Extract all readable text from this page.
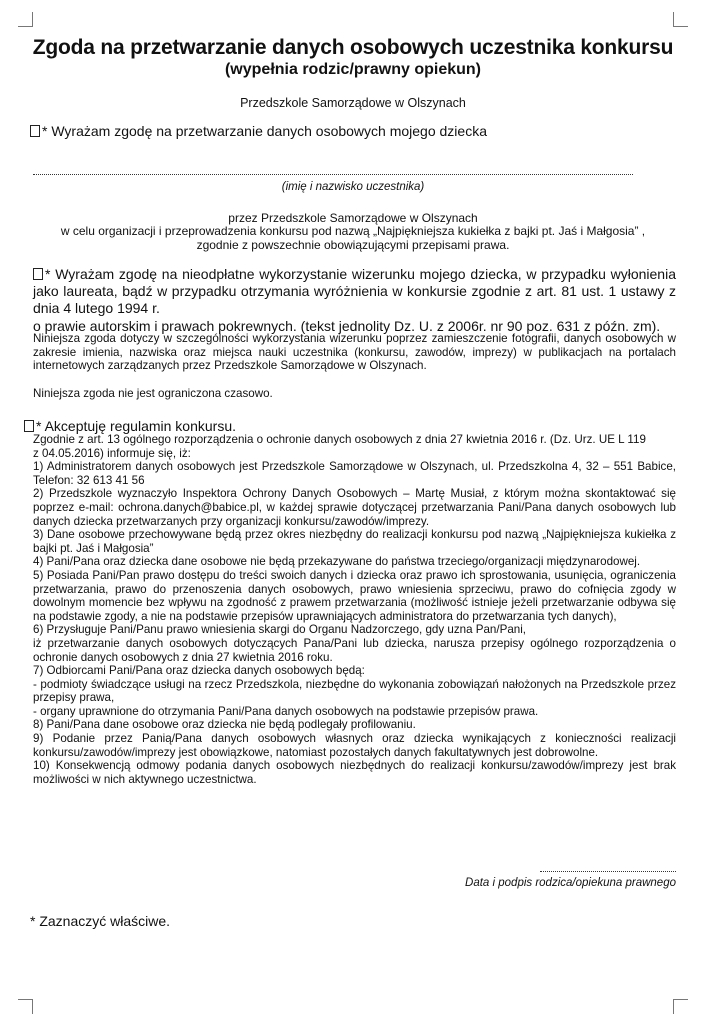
Zgoda na przetwarzanie danych osobowych uczestnika konkursu
(wypełnia rodzic/prawny opiekun)
Przedszkole Samorządowe w Olszynach
* Wyrażam zgodę na przetwarzanie danych osobowych mojego dziecka
(imię i nazwisko uczestnika)
przez Przedszkole Samorządowe w Olszynach
w celu organizacji i przeprowadzenia konkursu pod nazwą „Najpiękniejsza kukiełka z bajki pt. Jaś i Małgosia” ,
zgodnie z powszechnie obowiązującymi przepisami prawa.
* Wyrażam zgodę na nieodpłatne wykorzystanie wizerunku mojego dziecka, w przypadku wyłonienia jako laureata, bądź w przypadku otrzymania wyróżnienia w konkursie zgodnie z art. 81 ust. 1 ustawy z dnia 4 lutego 1994 r.
o prawie autorskim i prawach pokrewnych. (tekst jednolity Dz. U. z 2006r. nr 90 poz. 631 z późn. zm).
Niniejsza zgoda dotyczy w szczególności wykorzystania wizerunku poprzez zamieszczenie fotografii, danych osobowych w zakresie imienia, nazwiska oraz miejsca nauki uczestnika (konkursu, zawodów, imprezy) w publikacjach na portalach internetowych zarządzanych przez Przedszkole Samorządowe w Olszynach.
Niniejsza zgoda nie jest ograniczona czasowo.
* Akceptuję regulamin konkursu.
Zgodnie z art. 13 ogólnego rozporządzenia o ochronie danych osobowych z dnia 27 kwietnia 2016 r. (Dz. Urz. UE L 119
z 04.05.2016) informuje się, iż:
1) Administratorem danych osobowych jest Przedszkole Samorządowe w Olszynach, ul. Przedszkolna 4, 32 – 551 Babice, Telefon: 32 613 41 56
2) Przedszkole wyznaczyło Inspektora Ochrony Danych Osobowych – Martę Musiał, z którym można skontaktować się poprzez e-mail: ochrona.danych@babice.pl, w każdej sprawie dotyczącej przetwarzania Pani/Pana danych osobowych lub danych dziecka przetwarzanych przy organizacji konkursu/zawodów/imprezy.
3) Dane osobowe przechowywane będą przez okres niezbędny do realizacji konkursu pod nazwą „Najpiękniejsza kukiełka z bajki pt. Jaś i Małgosia”
4) Pani/Pana oraz dziecka dane osobowe nie będą przekazywane do państwa trzeciego/organizacji międzynarodowej.
5) Posiada Pani/Pan prawo dostępu do treści swoich danych i dziecka oraz prawo ich sprostowania, usunięcia, ograniczenia przetwarzania, prawo do przenoszenia danych osobowych, prawo wniesienia sprzeciwu, prawo do cofnięcia zgody w dowolnym momencie bez wpływu na zgodność z prawem przetwarzania (możliwość istnieje jeżeli przetwarzanie odbywa się na podstawie zgody, a nie na podstawie przepisów uprawniających administratora do przetwarzania tych danych),
6) Przysługuje Pani/Panu prawo wniesienia skargi do Organu Nadzorczego, gdy uzna Pan/Pani,
iż przetwarzanie danych osobowych dotyczących Pana/Pani lub dziecka, narusza przepisy ogólnego rozporządzenia o ochronie danych osobowych z dnia 27 kwietnia 2016 roku.
7) Odbiorcami Pani/Pana oraz dziecka danych osobowych będą:
- podmioty świadczące usługi na rzecz Przedszkola, niezbędne do wykonania zobowiązań nałożonych na Przedszkole przez przepisy prawa,
- organy uprawnione do otrzymania Pani/Pana danych osobowych na podstawie przepisów prawa.
8) Pani/Pana dane osobowe oraz dziecka nie będą podlegały profilowaniu.
9) Podanie przez Panią/Pana danych osobowych własnych oraz dziecka wynikających z konieczności realizacji konkursu/zawodów/imprezy jest obowiązkowe, natomiast pozostałych danych fakultatywnych jest dobrowolne.
10) Konsekwencją odmowy podania danych osobowych niezbędnych do realizacji konkursu/zawodów/imprezy jest brak możliwości w nich aktywnego uczestnictwa.
Data i podpis rodzica/opiekuna prawnego
* Zaznaczyć właściwe.
